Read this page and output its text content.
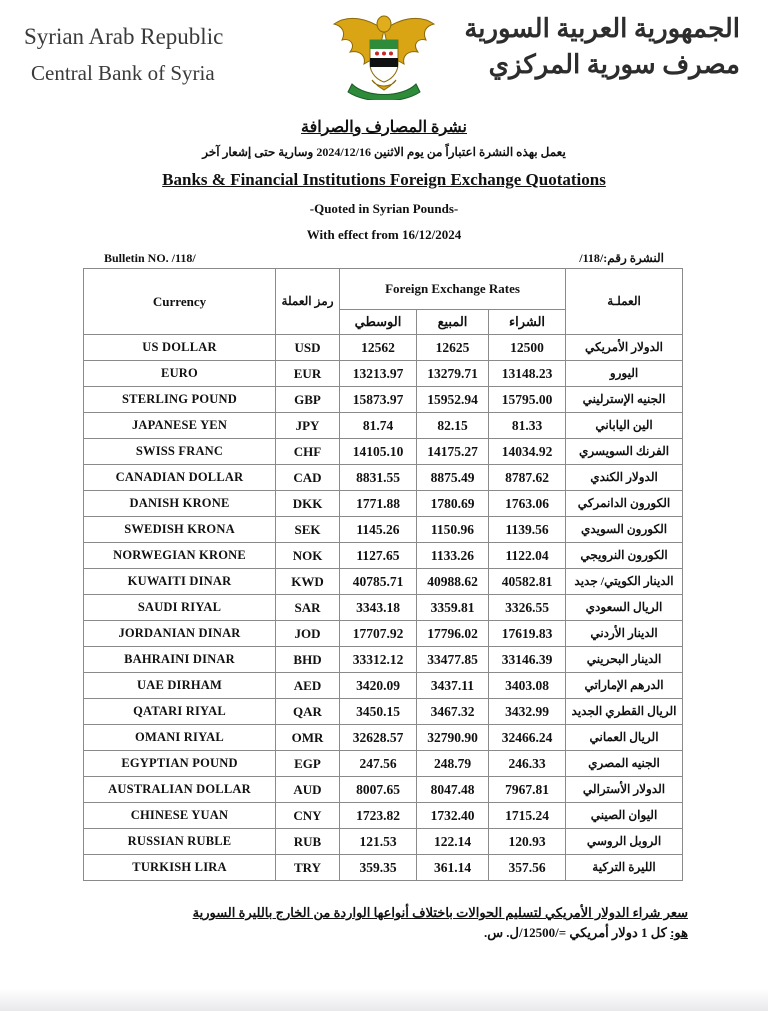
Syrian Arab Republic
Central Bank of Syria
الجمهورية العربية السورية
مصرف سورية المركزي
نشرة المصارف والصرافة
يعمل بهذه النشرة اعتباراً من يوم الاثنين 2024/12/16 وسارية حتى إشعار آخر
Banks & Financial Institutions Foreign Exchange Quotations
-Quoted in Syrian Pounds-
With effect from 16/12/2024
Bulletin NO. /118/	النشرة رقم:/118/
Currency	رمز العملة	Foreign Exchange Rates			العملـة
		الوسطي	المبيع	الشراء	
US DOLLAR	USD	12562	12625	12500	الدولار الأمريكي
EURO	EUR	13213.97	13279.71	13148.23	اليورو
STERLING POUND	GBP	15873.97	15952.94	15795.00	الجنيه الإسترليني
JAPANESE YEN	JPY	81.74	82.15	81.33	الين الياباني
SWISS FRANC	CHF	14105.10	14175.27	14034.92	الفرنك السويسري
CANADIAN DOLLAR	CAD	8831.55	8875.49	8787.62	الدولار الكندي
DANISH KRONE	DKK	1771.88	1780.69	1763.06	الكورون الدانمركي
SWEDISH KRONA	SEK	1145.26	1150.96	1139.56	الكورون السويدي
NORWEGIAN KRONE	NOK	1127.65	1133.26	1122.04	الكورون النرويجي
KUWAITI DINAR	KWD	40785.71	40988.62	40582.81	الدينار الكويتي/ جديد
SAUDI RIYAL	SAR	3343.18	3359.81	3326.55	الريال السعودي
JORDANIAN DINAR	JOD	17707.92	17796.02	17619.83	الدينار الأردني
BAHRAINI DINAR	BHD	33312.12	33477.85	33146.39	الدينار البحريني
UAE DIRHAM	AED	3420.09	3437.11	3403.08	الدرهم الإماراتي
QATARI RIYAL	QAR	3450.15	3467.32	3432.99	الريال القطري الجديد
OMANI RIYAL	OMR	32628.57	32790.90	32466.24	الريال العماني
EGYPTIAN POUND	EGP	247.56	248.79	246.33	الجنيه المصري
AUSTRALIAN DOLLAR	AUD	8007.65	8047.48	7967.81	الدولار الأسترالي
CHINESE YUAN	CNY	1723.82	1732.40	1715.24	اليوان الصيني
RUSSIAN RUBLE	RUB	121.53	122.14	120.93	الروبل الروسي
TURKISH LIRA	TRY	359.35	361.14	357.56	الليرة التركية
سعر شراء الدولار الأمريكي لتسليم الحوالات باختلاف أنواعها الواردة من الخارج بالليرة السورية
هو: كل 1 دولار أمريكي =/12500/ل. س.
